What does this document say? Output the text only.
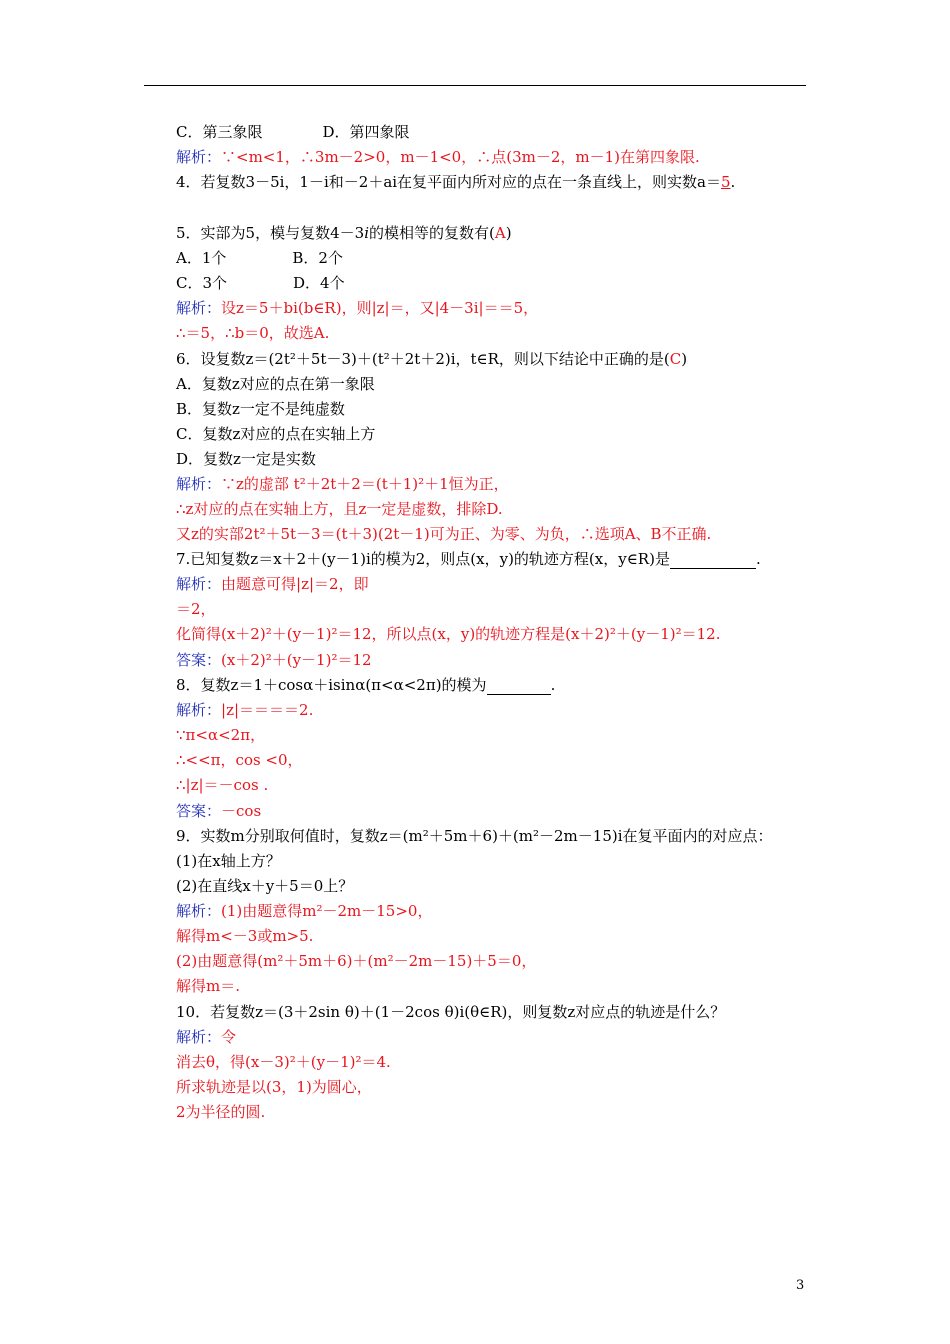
C．第三象限	D．第四象限
解析：∵<m<1，∴3m－2>0，m－1<0，∴点(3m－2，m－1)在第四象限.
4．若复数3－5i，1－i和－2＋ai在复平面内所对应的点在一条直线上，则实数a＝5.
5．实部为5，模与复数4－3i的模相等的复数有(A)
A．1个	B．2个
C．3个	D．4个
解析：设z＝5＋bi(b∈R)，则|z|＝，又|4－3i|＝＝5，
∴＝5，∴b＝0，故选A.
6．设复数z＝(2t²＋5t－3)＋(t²＋2t＋2)i，t∈R，则以下结论中正确的是(C)
A．复数z对应的点在第一象限
B．复数z一定不是纯虚数
C．复数z对应的点在实轴上方
D．复数z一定是实数
解析：∵z的虚部 t²＋2t＋2＝(t＋1)²＋1恒为正，
∴z对应的点在实轴上方，且z一定是虚数，排除D.
又z的实部2t²＋5t－3＝(t＋3)(2t－1)可为正、为零、为负，∴选项A、B不正确.
7.已知复数z＝x＋2＋(y－1)i的模为2，则点(x，y)的轨迹方程(x，y∈R)是	.
解析：由题意可得|z|＝2，即
＝2，
化简得(x＋2)²＋(y－1)²＝12，所以点(x，y)的轨迹方程是(x＋2)²＋(y－1)²＝12.
答案：(x＋2)²＋(y－1)²＝12
8．复数z＝1＋cosα＋isinα(π<α<2π)的模为	.
解析：|z|＝＝＝＝2.
∵π<α<2π，
∴<<π，cos <0，
∴|z|＝－cos .
答案：－cos
9．实数m分别取何值时，复数z＝(m²＋5m＋6)＋(m²－2m－15)i在复平面内的对应点：
(1)在x轴上方？
(2)在直线x＋y＋5＝0上？
解析：(1)由题意得m²－2m－15>0，
解得m<－3或m>5.
(2)由题意得(m²＋5m＋6)＋(m²－2m－15)＋5＝0，
解得m＝.
10．若复数z＝(3＋2sin θ)＋(1－2cos θ)i(θ∈R)，则复数z对应点的轨迹是什么？
解析：令
消去θ，得(x－3)²＋(y－1)²＝4.
所求轨迹是以(3，1)为圆心，
2为半径的圆.
3
